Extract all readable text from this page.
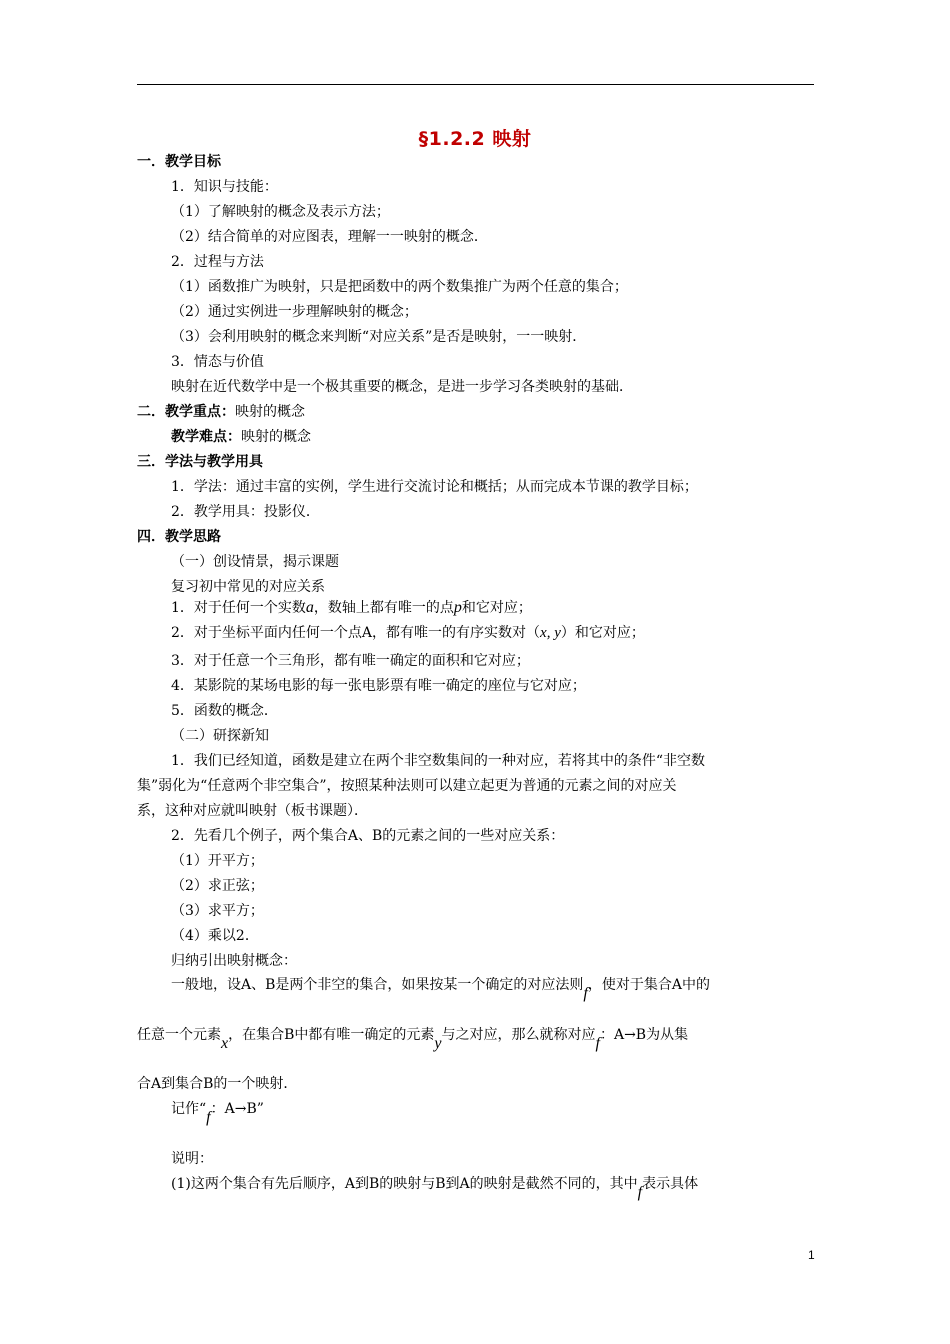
§1.2.2 映射
一．教学目标
1．知识与技能：
（1）了解映射的概念及表示方法；
（2）结合简单的对应图表，理解一一映射的概念．
2．过程与方法
（1）函数推广为映射，只是把函数中的两个数集推广为两个任意的集合；
（2）通过实例进一步理解映射的概念；
（3）会利用映射的概念来判断“对应关系”是否是映射，一一映射．
3．情态与价值
映射在近代数学中是一个极其重要的概念，是进一步学习各类映射的基础．
二．教学重点：映射的概念
教学难点：映射的概念
三．学法与教学用具
1．学法：通过丰富的实例，学生进行交流讨论和概括；从而完成本节课的教学目标；
2．教学用具：投影仪．
四．教学思路
（一）创设情景，揭示课题
复习初中常见的对应关系
1．对于任何一个实数a，数轴上都有唯一的点p和它对应；
2．对于坐标平面内任何一个点A，都有唯一的有序实数对（x, y）和它对应；
3．对于任意一个三角形，都有唯一确定的面积和它对应；
4．某影院的某场电影的每一张电影票有唯一确定的座位与它对应；
5．函数的概念．
（二）研探新知
1．我们已经知道，函数是建立在两个非空数集间的一种对应，若将其中的条件“非空数
集”弱化为“任意两个非空集合”，按照某种法则可以建立起更为普通的元素之间的对应关
系，这种对应就叫映射（板书课题）．
2．先看几个例子，两个集合A、B的元素之间的一些对应关系：
（1）开平方；
（2）求正弦；
（3）求平方；
（4）乘以2．
归纳引出映射概念：
一般地，设A、B是两个非空的集合，如果按某一个确定的对应法则f，使对于集合A中的
任意一个元素x，在集合B中都有唯一确定的元素y与之对应，那么就称对应f：A→B为从集
合A到集合B的一个映射．
记作“f：A→B”
说明：
(1)这两个集合有先后顺序，A到B的映射与B到A的映射是截然不同的，其中f表示具体
1
